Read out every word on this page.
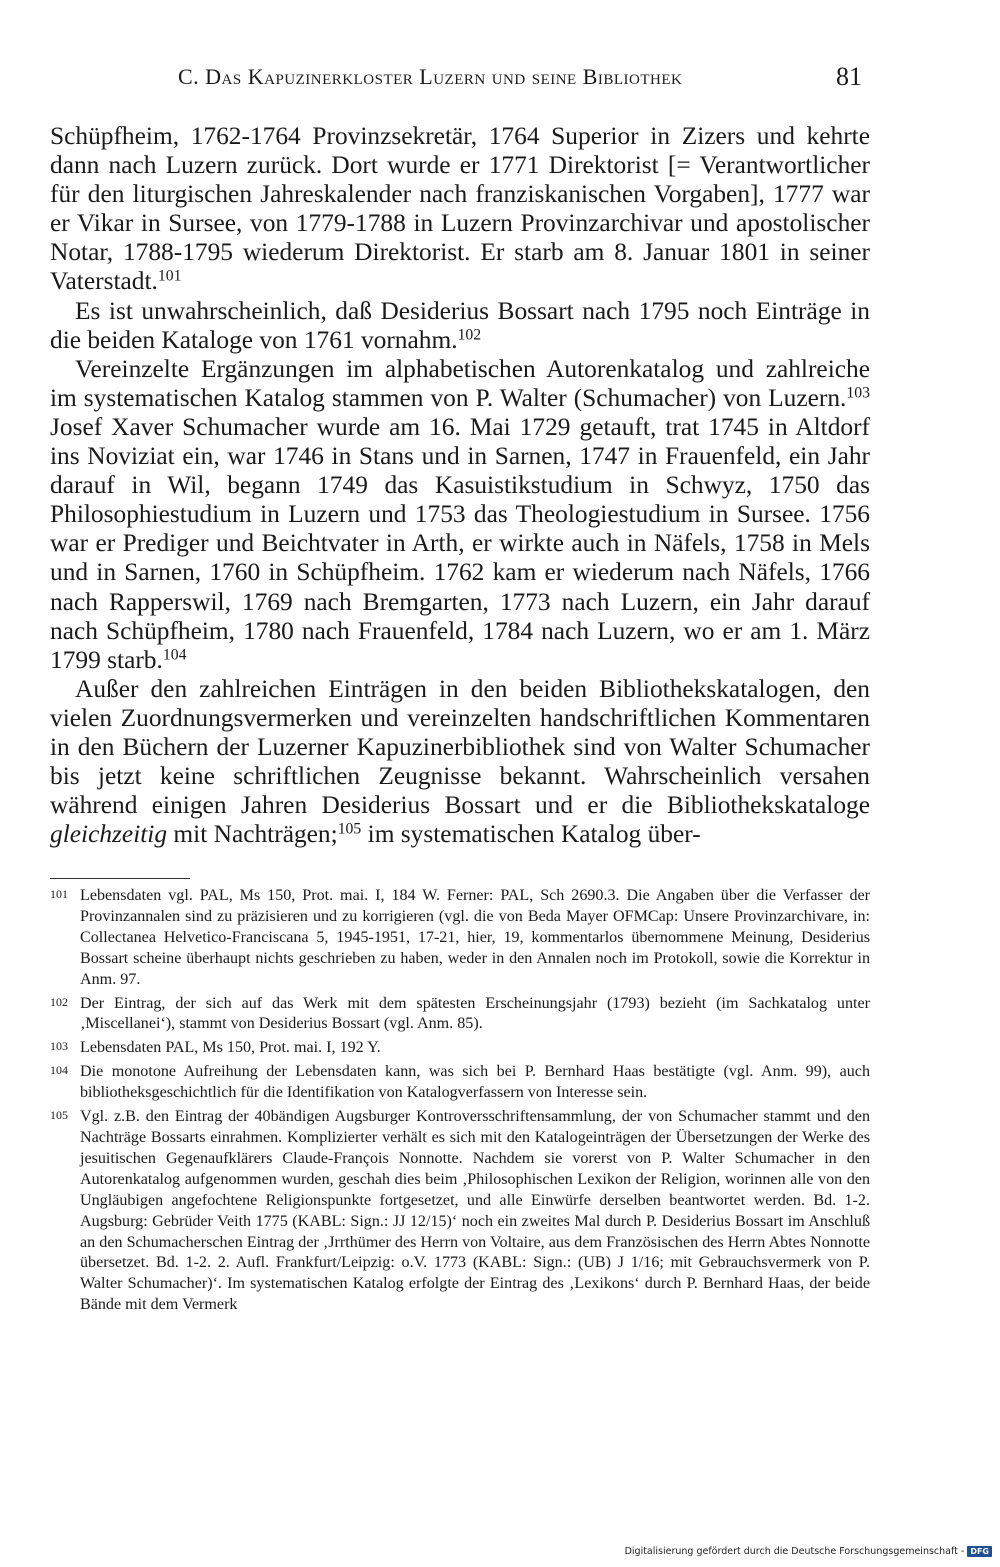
C. Das Kapuzinerkloster Luzern und seine Bibliothek	81

Schüpfheim, 1762-1764 Provinzsekretär, 1764 Superior in Zizers und kehrte dann nach Luzern zurück. Dort wurde er 1771 Direktorist [= Verantwortlicher für den liturgischen Jahreskalender nach franziskanischen Vorgaben], 1777 war er Vikar in Sursee, von 1779-1788 in Luzern Provinzarchivar und apostolischer Notar, 1788-1795 wiederum Direktorist. Er starb am 8. Januar 1801 in seiner Vaterstadt.$^{101}$

Es ist unwahrscheinlich, daß Desiderius Bossart nach 1795 noch Einträge in die beiden Kataloge von 1761 vornahm.$^{102}$

Vereinzelte Ergänzungen im alphabetischen Autorenkatalog und zahlreiche im systematischen Katalog stammen von P. Walter (Schumacher) von Luzern.$^{103}$ Josef Xaver Schumacher wurde am 16. Mai 1729 getauft, trat 1745 in Altdorf ins Noviziat ein, war 1746 in Stans und in Sarnen, 1747 in Frauenfeld, ein Jahr darauf in Wil, begann 1749 das Kasuistikstudium in Schwyz, 1750 das Philosophiestudium in Luzern und 1753 das Theologiestudium in Sursee. 1756 war er Prediger und Beichtvater in Arth, er wirkte auch in Näfels, 1758 in Mels und in Sarnen, 1760 in Schüpfheim. 1762 kam er wiederum nach Näfels, 1766 nach Rapperswil, 1769 nach Bremgarten, 1773 nach Luzern, ein Jahr darauf nach Schüpfheim, 1780 nach Frauenfeld, 1784 nach Luzern, wo er am 1. März 1799 starb.$^{104}$

Außer den zahlreichen Einträgen in den beiden Bibliothekskatalogen, den vielen Zuordnungsvermerken und vereinzelten handschriftlichen Kommentaren in den Büchern der Luzerner Kapuzinerbibliothek sind von Walter Schumacher bis jetzt keine schriftlichen Zeugnisse bekannt. Wahrscheinlich versahen während einigen Jahren Desiderius Bossart und er die Bibliothekskataloge gleichzeitig mit Nachträgen;$^{105}$ im systematischen Katalog über-

101 Lebensdaten vgl. PAL, Ms 150, Prot. mai. I, 184 W. Ferner: PAL, Sch 2690.3. Die Angaben über die Verfasser der Provinzannalen sind zu präzisieren und zu korrigieren (vgl. die von Beda Mayer OFMCap: Unsere Provinzarchivare, in: Collectanea Helvetico-Franciscana 5, 1945-1951, 17-21, hier, 19, kommentarlos übernommene Meinung, Desiderius Bossart scheine überhaupt nichts geschrieben zu haben, weder in den Annalen noch im Protokoll, sowie die Korrektur in Anm. 97.
102 Der Eintrag, der sich auf das Werk mit dem spätesten Erscheinungsjahr (1793) bezieht (im Sachkatalog unter ‚Miscellanei‘), stammt von Desiderius Bossart (vgl. Anm. 85).
103 Lebensdaten PAL, Ms 150, Prot. mai. I, 192 Y.
104 Die monotone Aufreihung der Lebensdaten kann, was sich bei P. Bernhard Haas bestätigte (vgl. Anm. 99), auch bibliotheksgeschichtlich für die Identifikation von Katalogverfassern von Interesse sein.
105 Vgl. z.B. den Eintrag der 40bändigen Augsburger Kontroversschriftensammlung, der von Schumacher stammt und den Nachträge Bossarts einrahmen. Komplizierter verhält es sich mit den Katalogeinträgen der Übersetzungen der Werke des jesuitischen Gegenaufklärers Claude-François Nonnotte. Nachdem sie vorerst von P. Walter Schumacher in den Autorenkatalog aufgenommen wurden, geschah dies beim ‚Philosophischen Lexikon der Religion, worinnen alle von den Ungläubigen angefochtene Religionspunkte fortgesetzet, und alle Einwürfe derselben beantwortet werden. Bd. 1-2. Augsburg: Gebrüder Veith 1775 (KABL: Sign.: JJ 12/15)‘ noch ein zweites Mal durch P. Desiderius Bossart im Anschluß an den Schumacherschen Eintrag der ‚Jrrthümer des Herrn von Voltaire, aus dem Französischen des Herrn Abtes Nonnotte übersetzet. Bd. 1-2. 2. Aufl. Frankfurt/Leipzig: o.V. 1773 (KABL: Sign.: (UB) J 1/16; mit Gebrauchsvermerk von P. Walter Schumacher)‘. Im systematischen Katalog erfolgte der Eintrag des ‚Lexikons‘ durch P. Bernhard Haas, der beide Bände mit dem Vermerk
Digitalisierung gefördert durch die Deutsche Forschungsgemeinschaft - DFG
